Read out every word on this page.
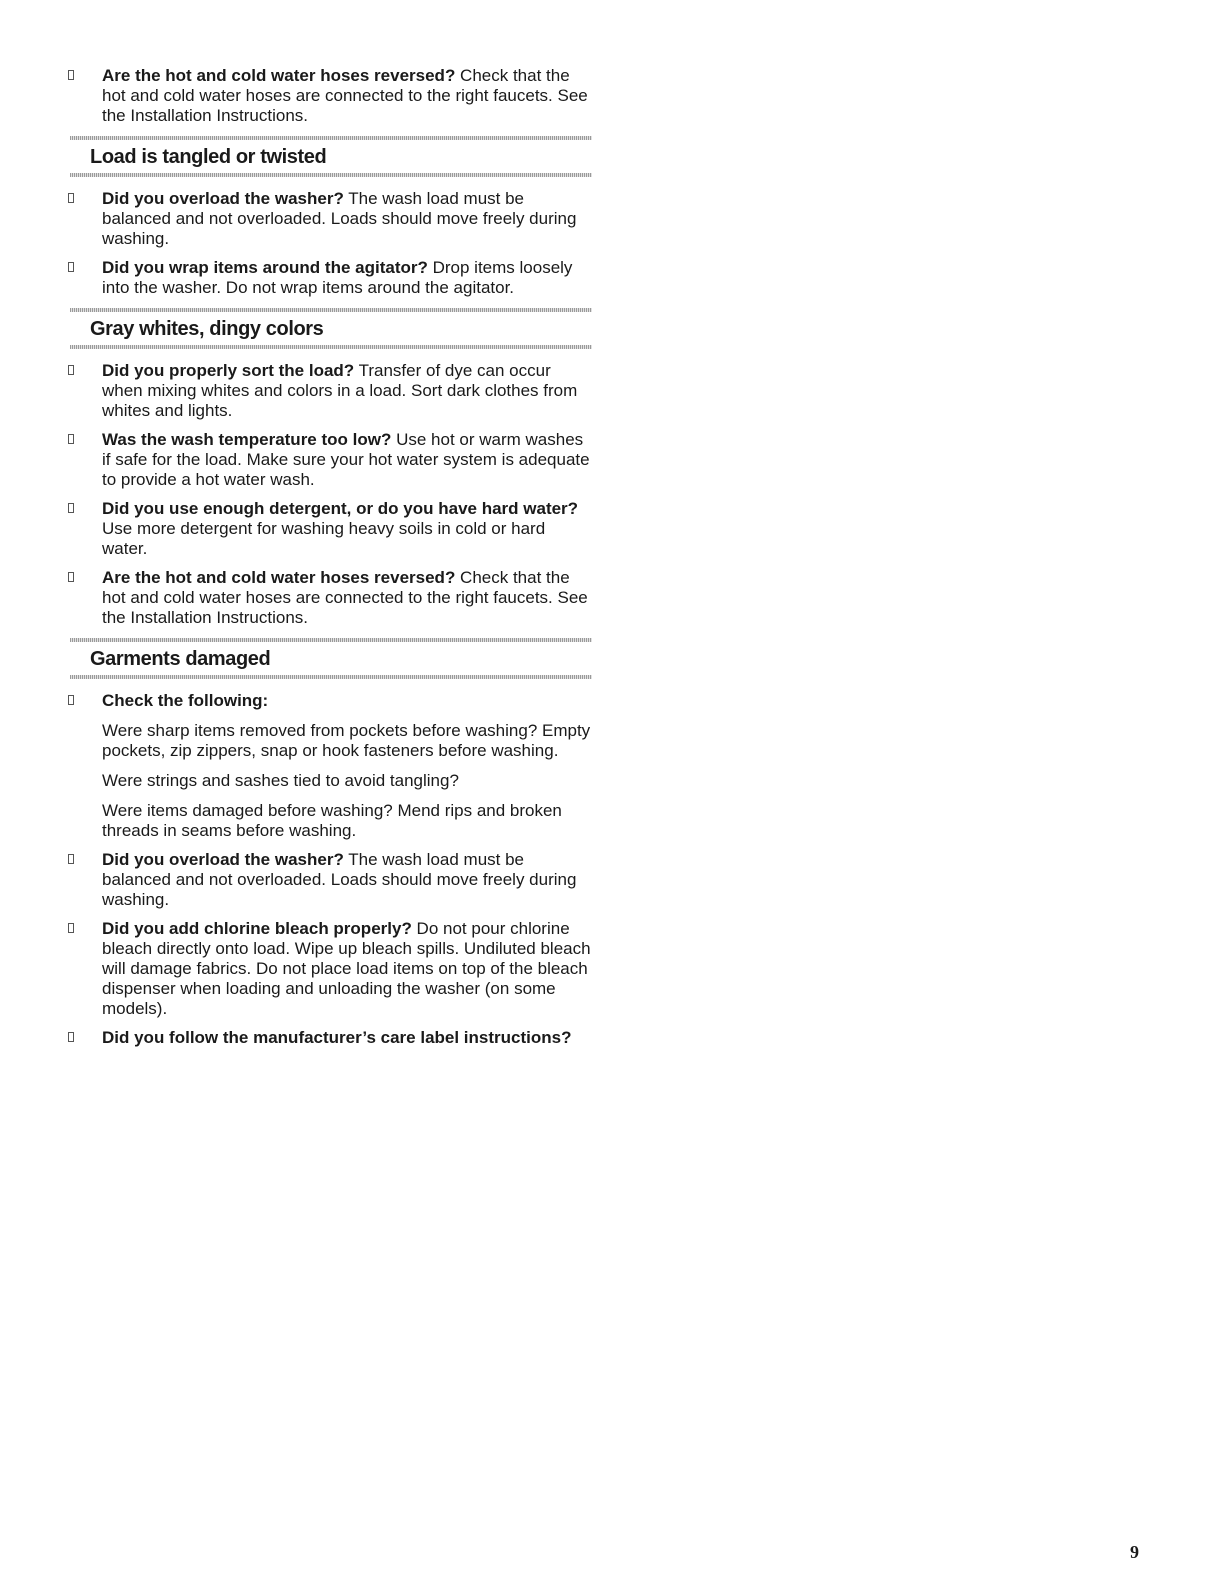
Are the hot and cold water hoses reversed? Check that the hot and cold water hoses are connected to the right faucets. See the Installation Instructions.
Load is tangled or twisted
Did you overload the washer? The wash load must be balanced and not overloaded. Loads should move freely during washing.
Did you wrap items around the agitator? Drop items loosely into the washer. Do not wrap items around the agitator.
Gray whites, dingy colors
Did you properly sort the load? Transfer of dye can occur when mixing whites and colors in a load. Sort dark clothes from whites and lights.
Was the wash temperature too low? Use hot or warm washes if safe for the load. Make sure your hot water system is adequate to provide a hot water wash.
Did you use enough detergent, or do you have hard water? Use more detergent for washing heavy soils in cold or hard water.
Are the hot and cold water hoses reversed? Check that the hot and cold water hoses are connected to the right faucets. See the Installation Instructions.
Garments damaged
Check the following:

Were sharp items removed from pockets before washing? Empty pockets, zip zippers, snap or hook fasteners before washing.

Were strings and sashes tied to avoid tangling?

Were items damaged before washing? Mend rips and broken threads in seams before washing.

Did you overload the washer? The wash load must be balanced and not overloaded. Loads should move freely during washing.
Did you add chlorine bleach properly? Do not pour chlorine bleach directly onto load. Wipe up bleach spills. Undiluted bleach will damage fabrics. Do not place load items on top of the bleach dispenser when loading and unloading the washer (on some models).
Did you follow the manufacturer’s care label instructions?
9
